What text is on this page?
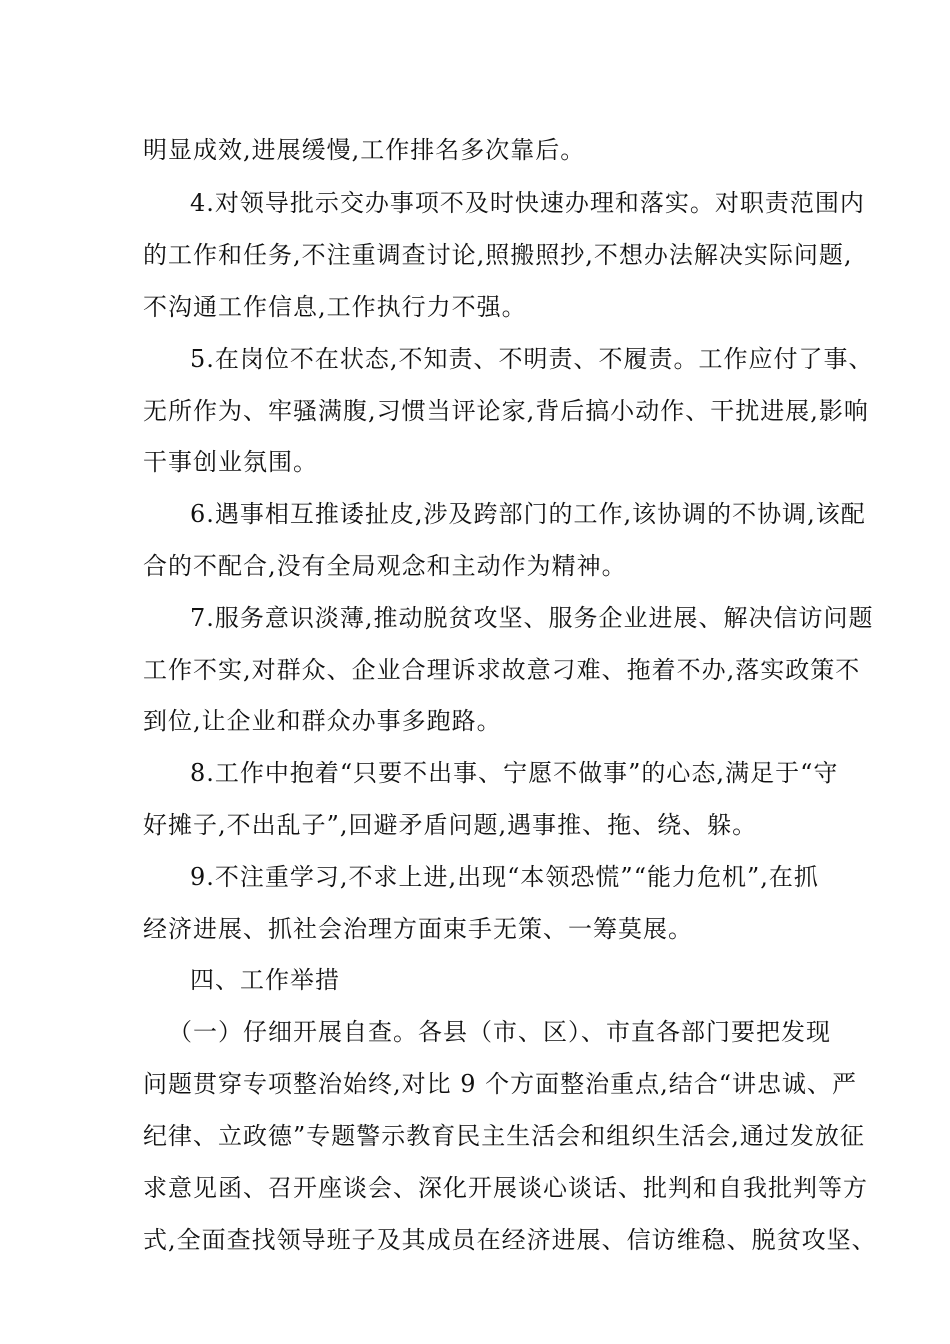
明显成效,进展缓慢,工作排名多次靠后。
4.对领导批示交办事项不及时快速办理和落实。对职责范围内
的工作和任务,不注重调查讨论,照搬照抄,不想办法解决实际问题,
不沟通工作信息,工作执行力不强。
5.在岗位不在状态,不知责、不明责、不履责。工作应付了事、
无所作为、牢骚满腹,习惯当评论家,背后搞小动作、干扰进展,影响
干事创业氛围。
6.遇事相互推诿扯皮,涉及跨部门的工作,该协调的不协调,该配
合的不配合,没有全局观念和主动作为精神。
7.服务意识淡薄,推动脱贫攻坚、服务企业进展、解决信访问题
工作不实,对群众、企业合理诉求故意刁难、拖着不办,落实政策不
到位,让企业和群众办事多跑路。
8.工作中抱着“只要不出事、宁愿不做事”的心态,满足于“守
好摊子,不出乱子”,回避矛盾问题,遇事推、拖、绕、躲。
9.不注重学习,不求上进,出现“本领恐慌”“能力危机”,在抓
经济进展、抓社会治理方面束手无策、一筹莫展。
四、工作举措
（一）仔细开展自查。各县（市、区）、市直各部门要把发现
问题贯穿专项整治始终,对比 9 个方面整治重点,结合“讲忠诚、严
纪律、立政德”专题警示教育民主生活会和组织生活会,通过发放征
求意见函、召开座谈会、深化开展谈心谈话、批判和自我批判等方
式,全面查找领导班子及其成员在经济进展、信访维稳、脱贫攻坚、
